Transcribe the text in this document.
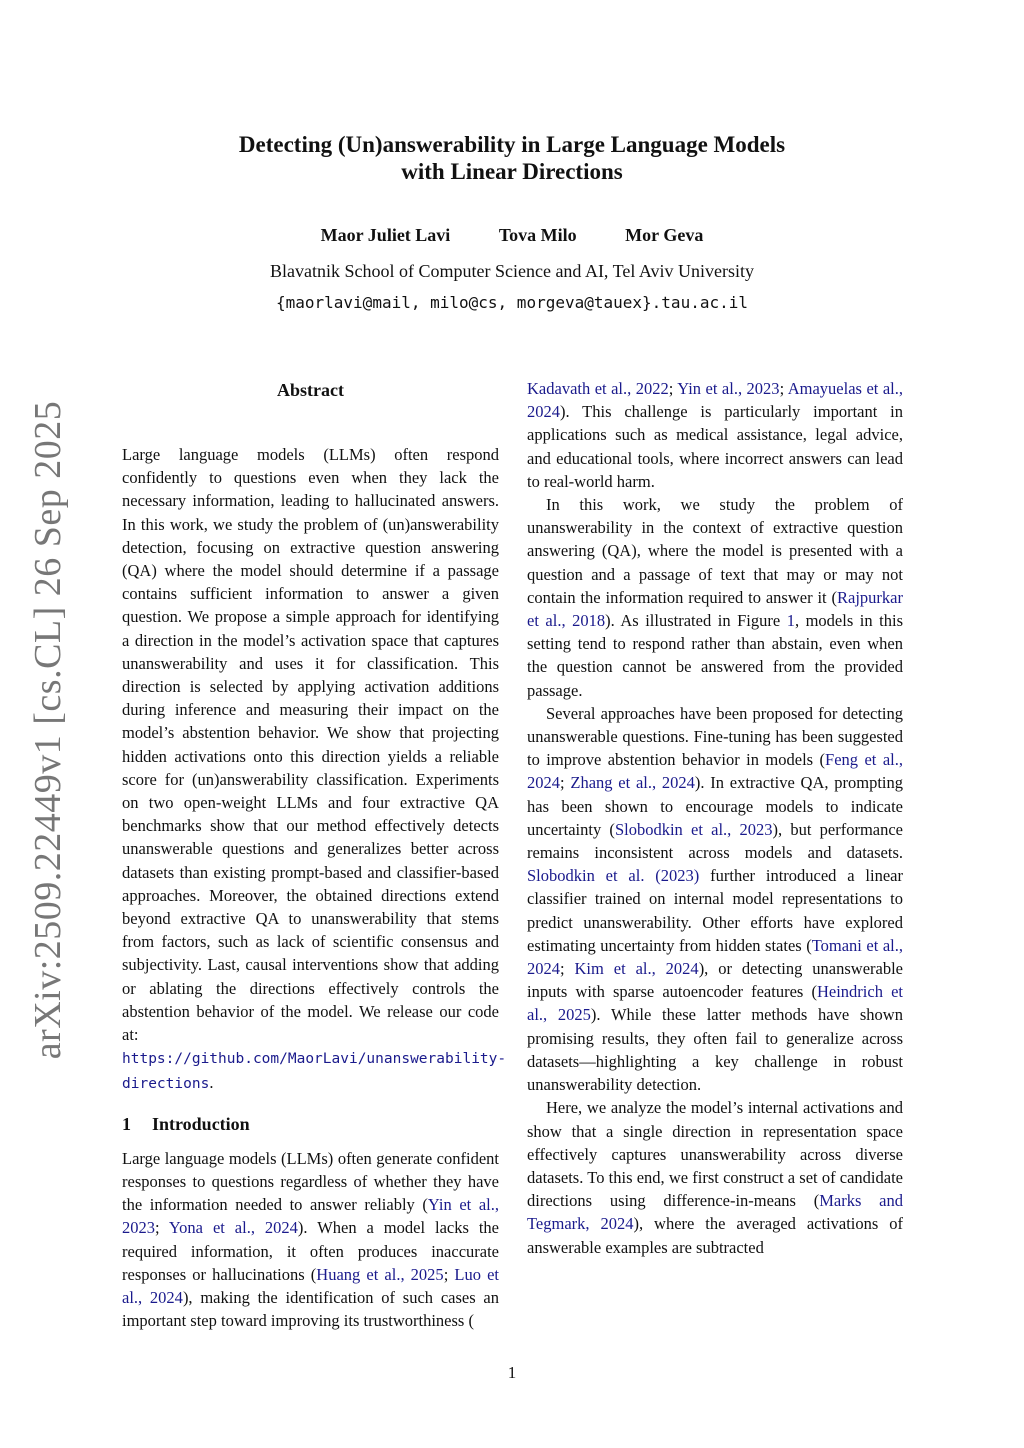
Detecting (Un)answerability in Large Language Models
with Linear Directions
Maor Juliet Lavi	Tova Milo	Mor Geva
Blavatnik School of Computer Science and AI, Tel Aviv University
{maorlavi@mail, milo@cs, morgeva@tauex}.tau.ac.il
arXiv:2509.22449v1 [cs.CL] 26 Sep 2025
Abstract

Large language models (LLMs) often respond confidently to questions even when they lack the necessary information, leading to hallucinated answers. In this work, we study the problem of (un)answerability detection, focusing on extractive question answering (QA) where the model should determine if a passage contains sufficient information to answer a given question. We propose a simple approach for identifying a direction in the model’s activation space that captures unanswerability and uses it for classification. This direction is selected by applying activation additions during inference and measuring their impact on the model’s abstention behavior. We show that projecting hidden activations onto this direction yields a reliable score for (un)answerability classification. Experiments on two open-weight LLMs and four extractive QA benchmarks show that our method effectively detects unanswerable questions and generalizes better across datasets than existing prompt-based and classifier-based approaches. Moreover, the obtained directions extend beyond extractive QA to unanswerability that stems from factors, such as lack of scientific consensus and subjectivity. Last, causal interventions show that adding or ablating the directions effectively controls the abstention behavior of the model. We release our code at: https://github.com/MaorLavi/unanswerability-directions.

1 Introduction

Large language models (LLMs) often generate confident responses to questions regardless of whether they have the information needed to answer reliably (Yin et al., 2023; Yona et al., 2024). When a model lacks the required information, it often produces inaccurate responses or hallucinations (Huang et al., 2025; Luo et al., 2024), making the identification of such cases an important step toward improving its trustworthiness (

Kadavath et al., 2022; Yin et al., 2023; Amayuelas et al., 2024). This challenge is particularly important in applications such as medical assistance, legal advice, and educational tools, where incorrect answers can lead to real-world harm.

In this work, we study the problem of unanswerability in the context of extractive question answering (QA), where the model is presented with a question and a passage of text that may or may not contain the information required to answer it (Rajpurkar et al., 2018). As illustrated in Figure 1, models in this setting tend to respond rather than abstain, even when the question cannot be answered from the provided passage.

Several approaches have been proposed for detecting unanswerable questions. Fine-tuning has been suggested to improve abstention behavior in models (Feng et al., 2024; Zhang et al., 2024). In extractive QA, prompting has been shown to encourage models to indicate uncertainty (Slobodkin et al., 2023), but performance remains inconsistent across models and datasets. Slobodkin et al. (2023) further introduced a linear classifier trained on internal model representations to predict unanswerability. Other efforts have explored estimating uncertainty from hidden states (Tomani et al., 2024; Kim et al., 2024), or detecting unanswerable inputs with sparse autoencoder features (Heindrich et al., 2025). While these latter methods have shown promising results, they often fail to generalize across datasets—highlighting a key challenge in robust unanswerability detection.

Here, we analyze the model’s internal activations and show that a single direction in representation space effectively captures unanswerability across diverse datasets. To this end, we first construct a set of candidate directions using difference-in-means (Marks and Tegmark, 2024), where the averaged activations of answerable examples are subtracted

1
